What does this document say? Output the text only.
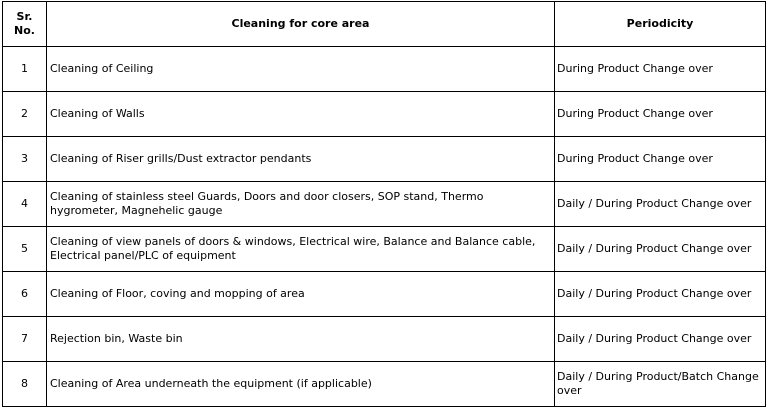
Sr.
No.	Cleaning for core area	Periodicity
1	Cleaning of Ceiling	During Product Change over
2	Cleaning of Walls	During Product Change over
3	Cleaning of Riser grills/Dust extractor pendants	During Product Change over
4	Cleaning of stainless steel Guards, Doors and door closers, SOP stand, Thermo hygrometer, Magnehelic gauge	Daily / During Product Change over
5	Cleaning of view panels of doors & windows, Electrical wire, Balance and Balance cable, Electrical panel/PLC of equipment	Daily / During Product Change over
6	Cleaning of Floor, coving and mopping of area	Daily / During Product Change over
7	Rejection bin, Waste bin	Daily / During Product Change over
8	Cleaning of Area underneath the equipment (if applicable)	Daily / During Product/Batch Change over
